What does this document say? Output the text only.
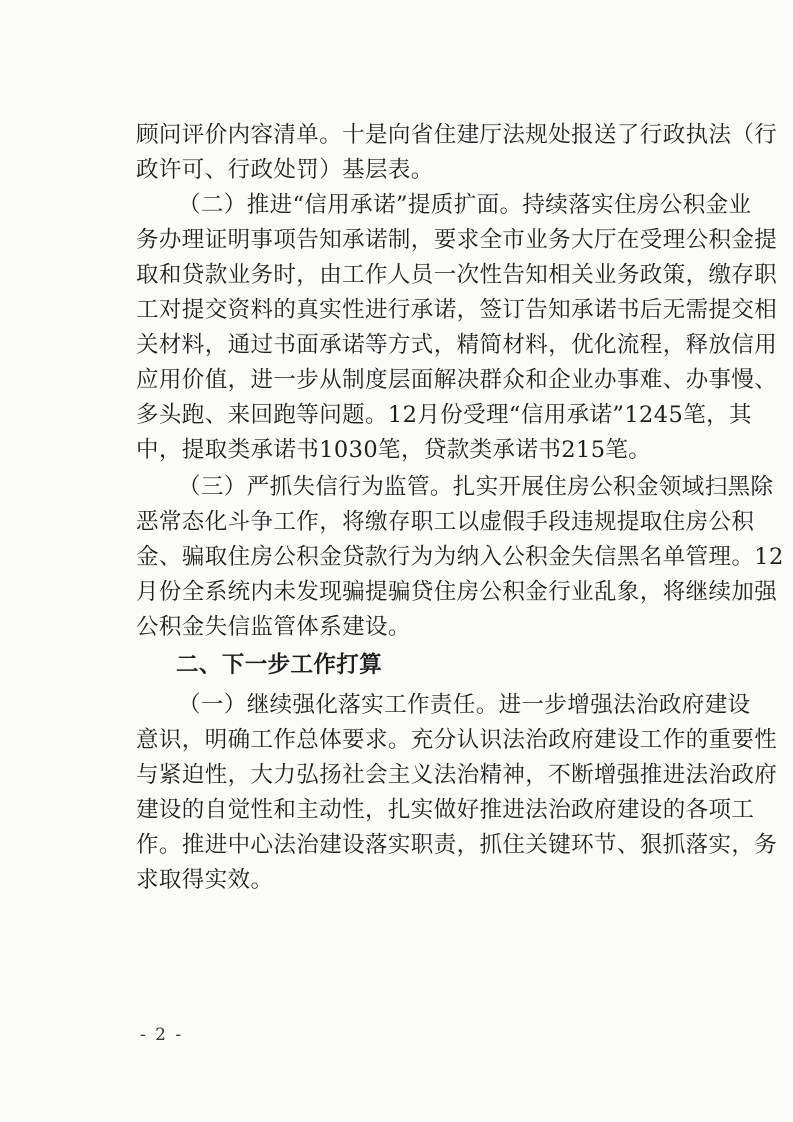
顾问评价内容清单。十是向省住建厅法规处报送了行政执法（行
政许可、行政处罚）基层表。
（二）推进“信用承诺”提质扩面。持续落实住房公积金业
务办理证明事项告知承诺制，要求全市业务大厅在受理公积金提
取和贷款业务时，由工作人员一次性告知相关业务政策，缴存职
工对提交资料的真实性进行承诺，签订告知承诺书后无需提交相
关材料，通过书面承诺等方式，精简材料，优化流程，释放信用
应用价值，进一步从制度层面解决群众和企业办事难、办事慢、
多头跑、来回跑等问题。12月份受理“信用承诺”1245笔，其
中，提取类承诺书1030笔，贷款类承诺书215笔。
（三）严抓失信行为监管。扎实开展住房公积金领域扫黑除
恶常态化斗争工作，将缴存职工以虚假手段违规提取住房公积
金、骗取住房公积金贷款行为为纳入公积金失信黑名单管理。12
月份全系统内未发现骗提骗贷住房公积金行业乱象，将继续加强
公积金失信监管体系建设。
二、下一步工作打算
（一）继续强化落实工作责任。进一步增强法治政府建设
意识，明确工作总体要求。充分认识法治政府建设工作的重要性
与紧迫性，大力弘扬社会主义法治精神，不断增强推进法治政府
建设的自觉性和主动性，扎实做好推进法治政府建设的各项工
作。推进中心法治建设落实职责，抓住关键环节、狠抓落实，务
求取得实效。
- 2 -
